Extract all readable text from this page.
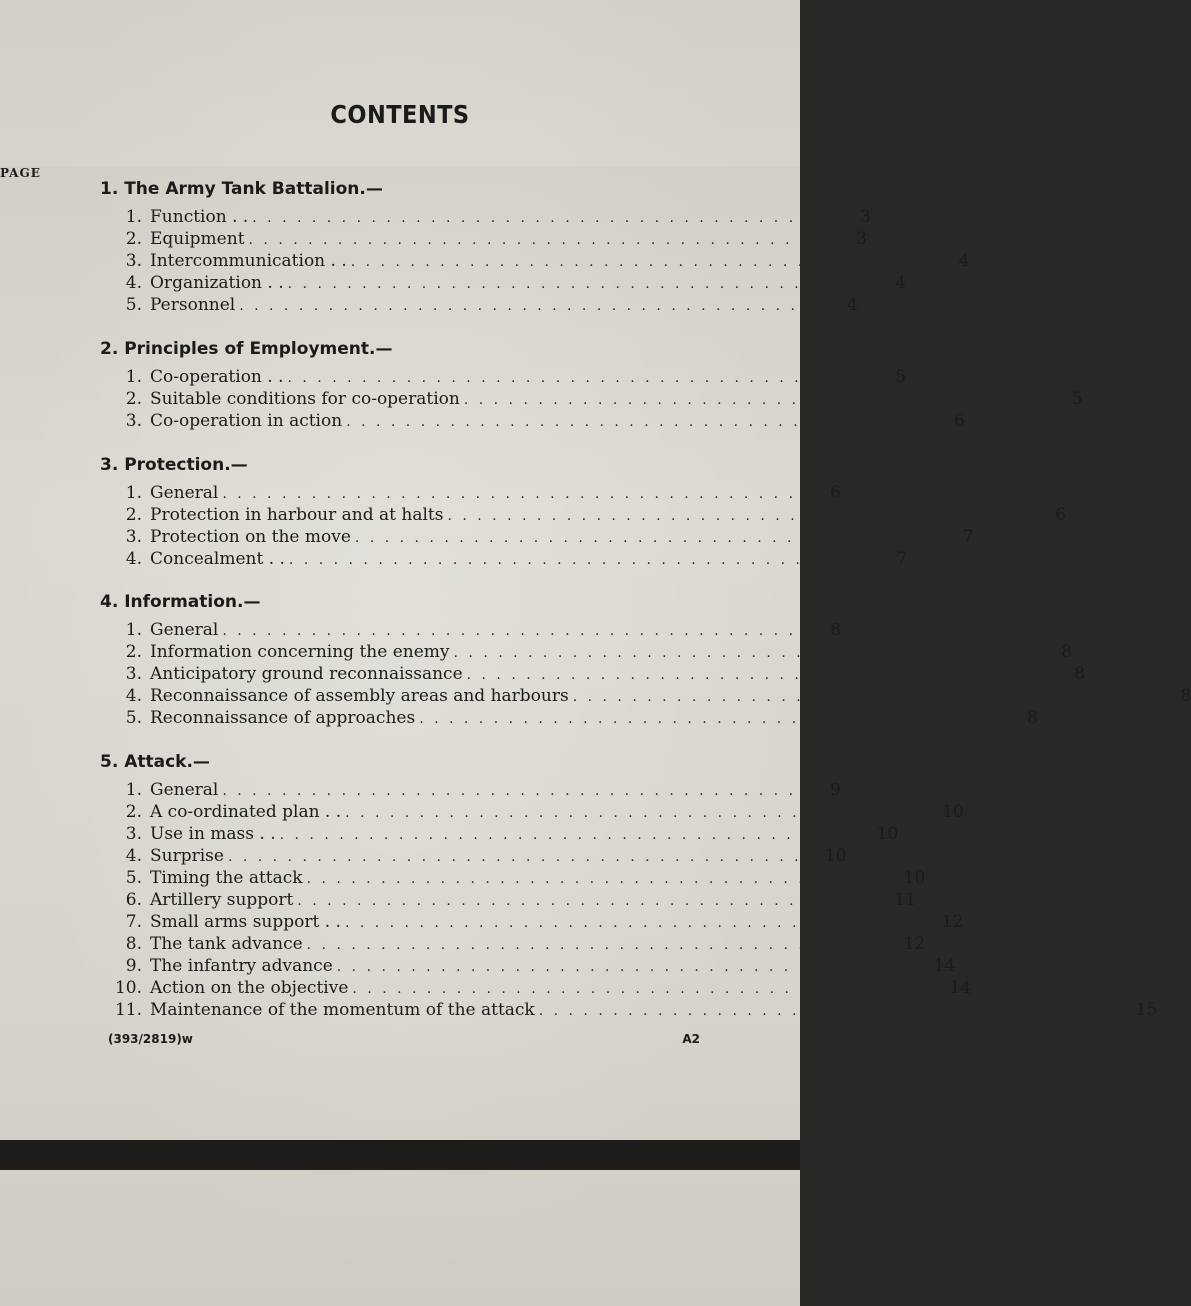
CONTENTS
PAGE
1. The Army Tank Battalion.—
1. Function . . . . . . . . . . . . . . . . . . . . . . . . . . . . . . . . . . . . . . . . . .	3
2. Equipment . . . . . . . . . . . . . . . . . . . . . . . . . . . . . . . . . . . . . . . .	3
3. Intercommunication . . . . . . . . . . . . . . . . . . . . . . . . . . . . . . . . . . . . . . . . . .	4
4. Organization . . . . . . . . . . . . . . . . . . . . . . . . . . . . . . . . . . . . . . . . . .	4
5. Personnel . . . . . . . . . . . . . . . . . . . . . . . . . . . . . . . . . . . . . . . .	4
2. Principles of Employment.—
1. Co-operation . . . . . . . . . . . . . . . . . . . . . . . . . . . . . . . . . . . . . . . . . .	5
2. Suitable conditions for co-operation . . . . . . . . . . . . . . . . . . . . . . . . . . . . . . . . . . . . . . . .	5
3. Co-operation in action . . . . . . . . . . . . . . . . . . . . . . . . . . . . . . . . . . . . . . . .	6
3. Protection.—
1. General . . . . . . . . . . . . . . . . . . . . . . . . . . . . . . . . . . . . . . . .	6
2. Protection in harbour and at halts . . . . . . . . . . . . . . . . . . . . . . . . . . . . . . . . . . . . . . . .	6
3. Protection on the move . . . . . . . . . . . . . . . . . . . . . . . . . . . . . . . . . . . . . . . .	7
4. Concealment . . . . . . . . . . . . . . . . . . . . . . . . . . . . . . . . . . . . . . . . . .	7
4. Information.—
1. General . . . . . . . . . . . . . . . . . . . . . . . . . . . . . . . . . . . . . . . .	8
2. Information concerning the enemy . . . . . . . . . . . . . . . . . . . . . . . . . . . . . . . . . . . . . . . .	8
3. Anticipatory ground reconnaissance . . . . . . . . . . . . . . . . . . . . . . . . . . . . . . . . . . . . . . . .	8
4. Reconnaissance of assembly areas and harbours . . . . . . . . . . . . . . . . . . . . . . . . . . . . . . . . . . . . . . . .	8
5. Reconnaissance of approaches . . . . . . . . . . . . . . . . . . . . . . . . . . . . . . . . . . . . . . . .	8
5. Attack.—
1. General . . . . . . . . . . . . . . . . . . . . . . . . . . . . . . . . . . . . . . . .	9
2. A co-ordinated plan . . . . . . . . . . . . . . . . . . . . . . . . . . . . . . . . . . . . . . . . . . 10
3. Use in mass . . . . . . . . . . . . . . . . . . . . . . . . . . . . . . . . . . . . . . . . . . 10
4. Surprise . . . . . . . . . . . . . . . . . . . . . . . . . . . . . . . . . . . . . . . . 10
5. Timing the attack . . . . . . . . . . . . . . . . . . . . . . . . . . . . . . . . . . . . . . . . 10
6. Artillery support . . . . . . . . . . . . . . . . . . . . . . . . . . . . . . . . . . . . . . . . 11
7. Small arms support . . . . . . . . . . . . . . . . . . . . . . . . . . . . . . . . . . . . . . . . . . 12
8. The tank advance . . . . . . . . . . . . . . . . . . . . . . . . . . . . . . . . . . . . . . . . 12
9. The infantry advance . . . . . . . . . . . . . . . . . . . . . . . . . . . . . . . . . . . . . . . . 14
10. Action on the objective . . . . . . . . . . . . . . . . . . . . . . . . . . . . . . . . . . . . . . . . 14
11. Maintenance of the momentum of the attack . . . . . . . . . . . . . . . . . . . . . . . . . . . . . . . . . . . . . . . . 15
(393/2819)w	A2
